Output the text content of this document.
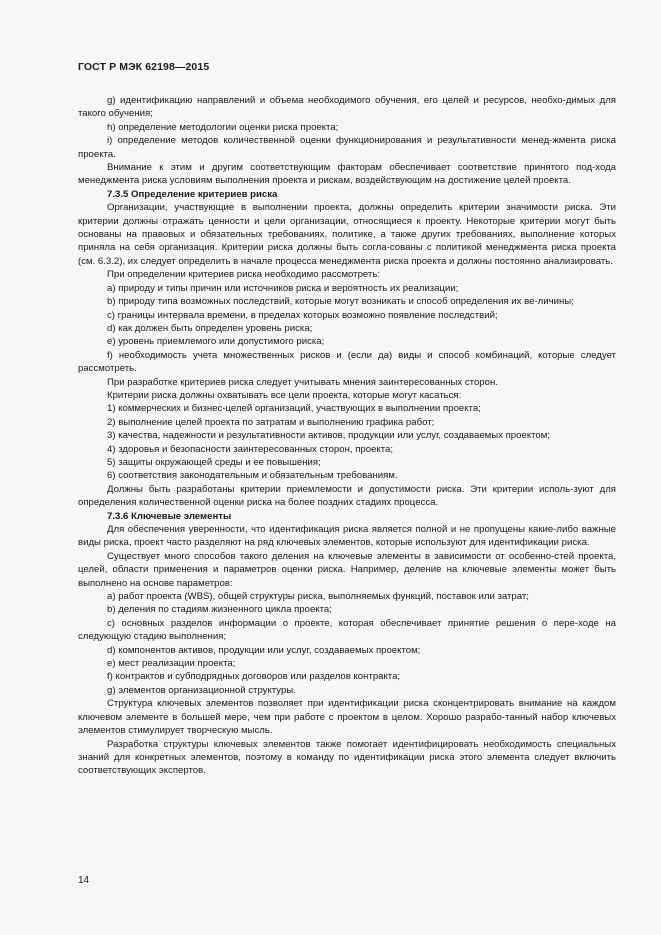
ГОСТ Р МЭК 62198—2015

g) идентификацию направлений и объема необходимого обучения, его целей и ресурсов, необхо-димых для такого обучения;

h) определение методологии оценки риска проекта;

i) определение методов количественной оценки функционирования и результативности менед-жмента риска проекта.

Внимание к этим и другим соответствующим факторам обеспечивает соответствие принятого под-хода менеджмента риска условиям выполнения проекта и рискам, воздействующим на достижение целей проекта.

7.3.5 Определение критериев риска

Организации, участвующие в выполнении проекта, должны определить критерии значимости риска. Эти критерии должны отражать ценности и цели организации, относящиеся к проекту. Некоторые критерии могут быть основаны на правовых и обязательных требованиях, политике, а также других требованиях, выполнение которых приняла на себя организация. Критерии риска должны быть согла-сованы с политикой менеджмента риска проекта (см. 6.3.2), их следует определить в начале процесса менеджмента риска проекта и должны постоянно анализировать.

При определении критериев риска необходимо рассмотреть:

a) природу и типы причин или источников риска и вероятность их реализации;

b) природу типа возможных последствий, которые могут возникать и способ определения их ве-личины;

c) границы интервала времени, в пределах которых возможно появление последствий;

d) как должен быть определен уровень риска;

e) уровень приемлемого или допустимого риска;

f) необходимость учета множественных рисков и (если да) виды и способ комбинаций, которые следует рассмотреть.

При разработке критериев риска следует учитывать мнения заинтересованных сторон.

Критерии риска должны охватывать все цели проекта, которые могут касаться:

1) коммерческих и бизнес-целей организаций, участвующих в выполнении проекта;

2) выполнение целей проекта по затратам и выполнению графика работ;

3) качества, надежности и результативности активов, продукции или услуг, создаваемых проектом;

4) здоровья и безопасности заинтересованных сторон, проекта;

5) защиты окружающей среды и ее повышения;

6) соответствия законодательным и обязательным требованиям.

Должны быть разработаны критерии приемлемости и допустимости риска. Эти критерии исполь-зуют для определения количественной оценки риска на более поздних стадиях процесса.

7.3.6 Ключевые элементы

Для обеспечения уверенности, что идентификация риска является полной и не пропущены какие-либо важные виды риска, проект часто разделяют на ряд ключевых элементов, которые используют для идентификации риска.

Существует много способов такого деления на ключевые элементы в зависимости от особенно-стей проекта, целей, области применения и параметров оценки риска. Например, деление на ключевые элементы может быть выполнено на основе параметров:

a) работ проекта (WBS), общей структуры риска, выполняемых функций, поставок или затрат;

b) деления по стадиям жизненного цикла проекта;

c) основных разделов информации о проекте, которая обеспечивает принятие решения о пере-ходе на следующую стадию выполнения;

d) компонентов активов, продукции или услуг, создаваемых проектом;

e) мест реализации проекта;

f) контрактов и субподрядных договоров или разделов контракта;

g) элементов организационной структуры.

Структура ключевых элементов позволяет при идентификации риска сконцентрировать внимание на каждом ключевом элементе в большей мере, чем при работе с проектом в целом. Хорошо разрабо-танный набор ключевых элементов стимулирует творческую мысль.

Разработка структуры ключевых элементов также помогает идентифицировать необходимость специальных знаний для конкретных элементов, поэтому в команду по идентификации риска этого элемента следует включить соответствующих экспертов.

14
